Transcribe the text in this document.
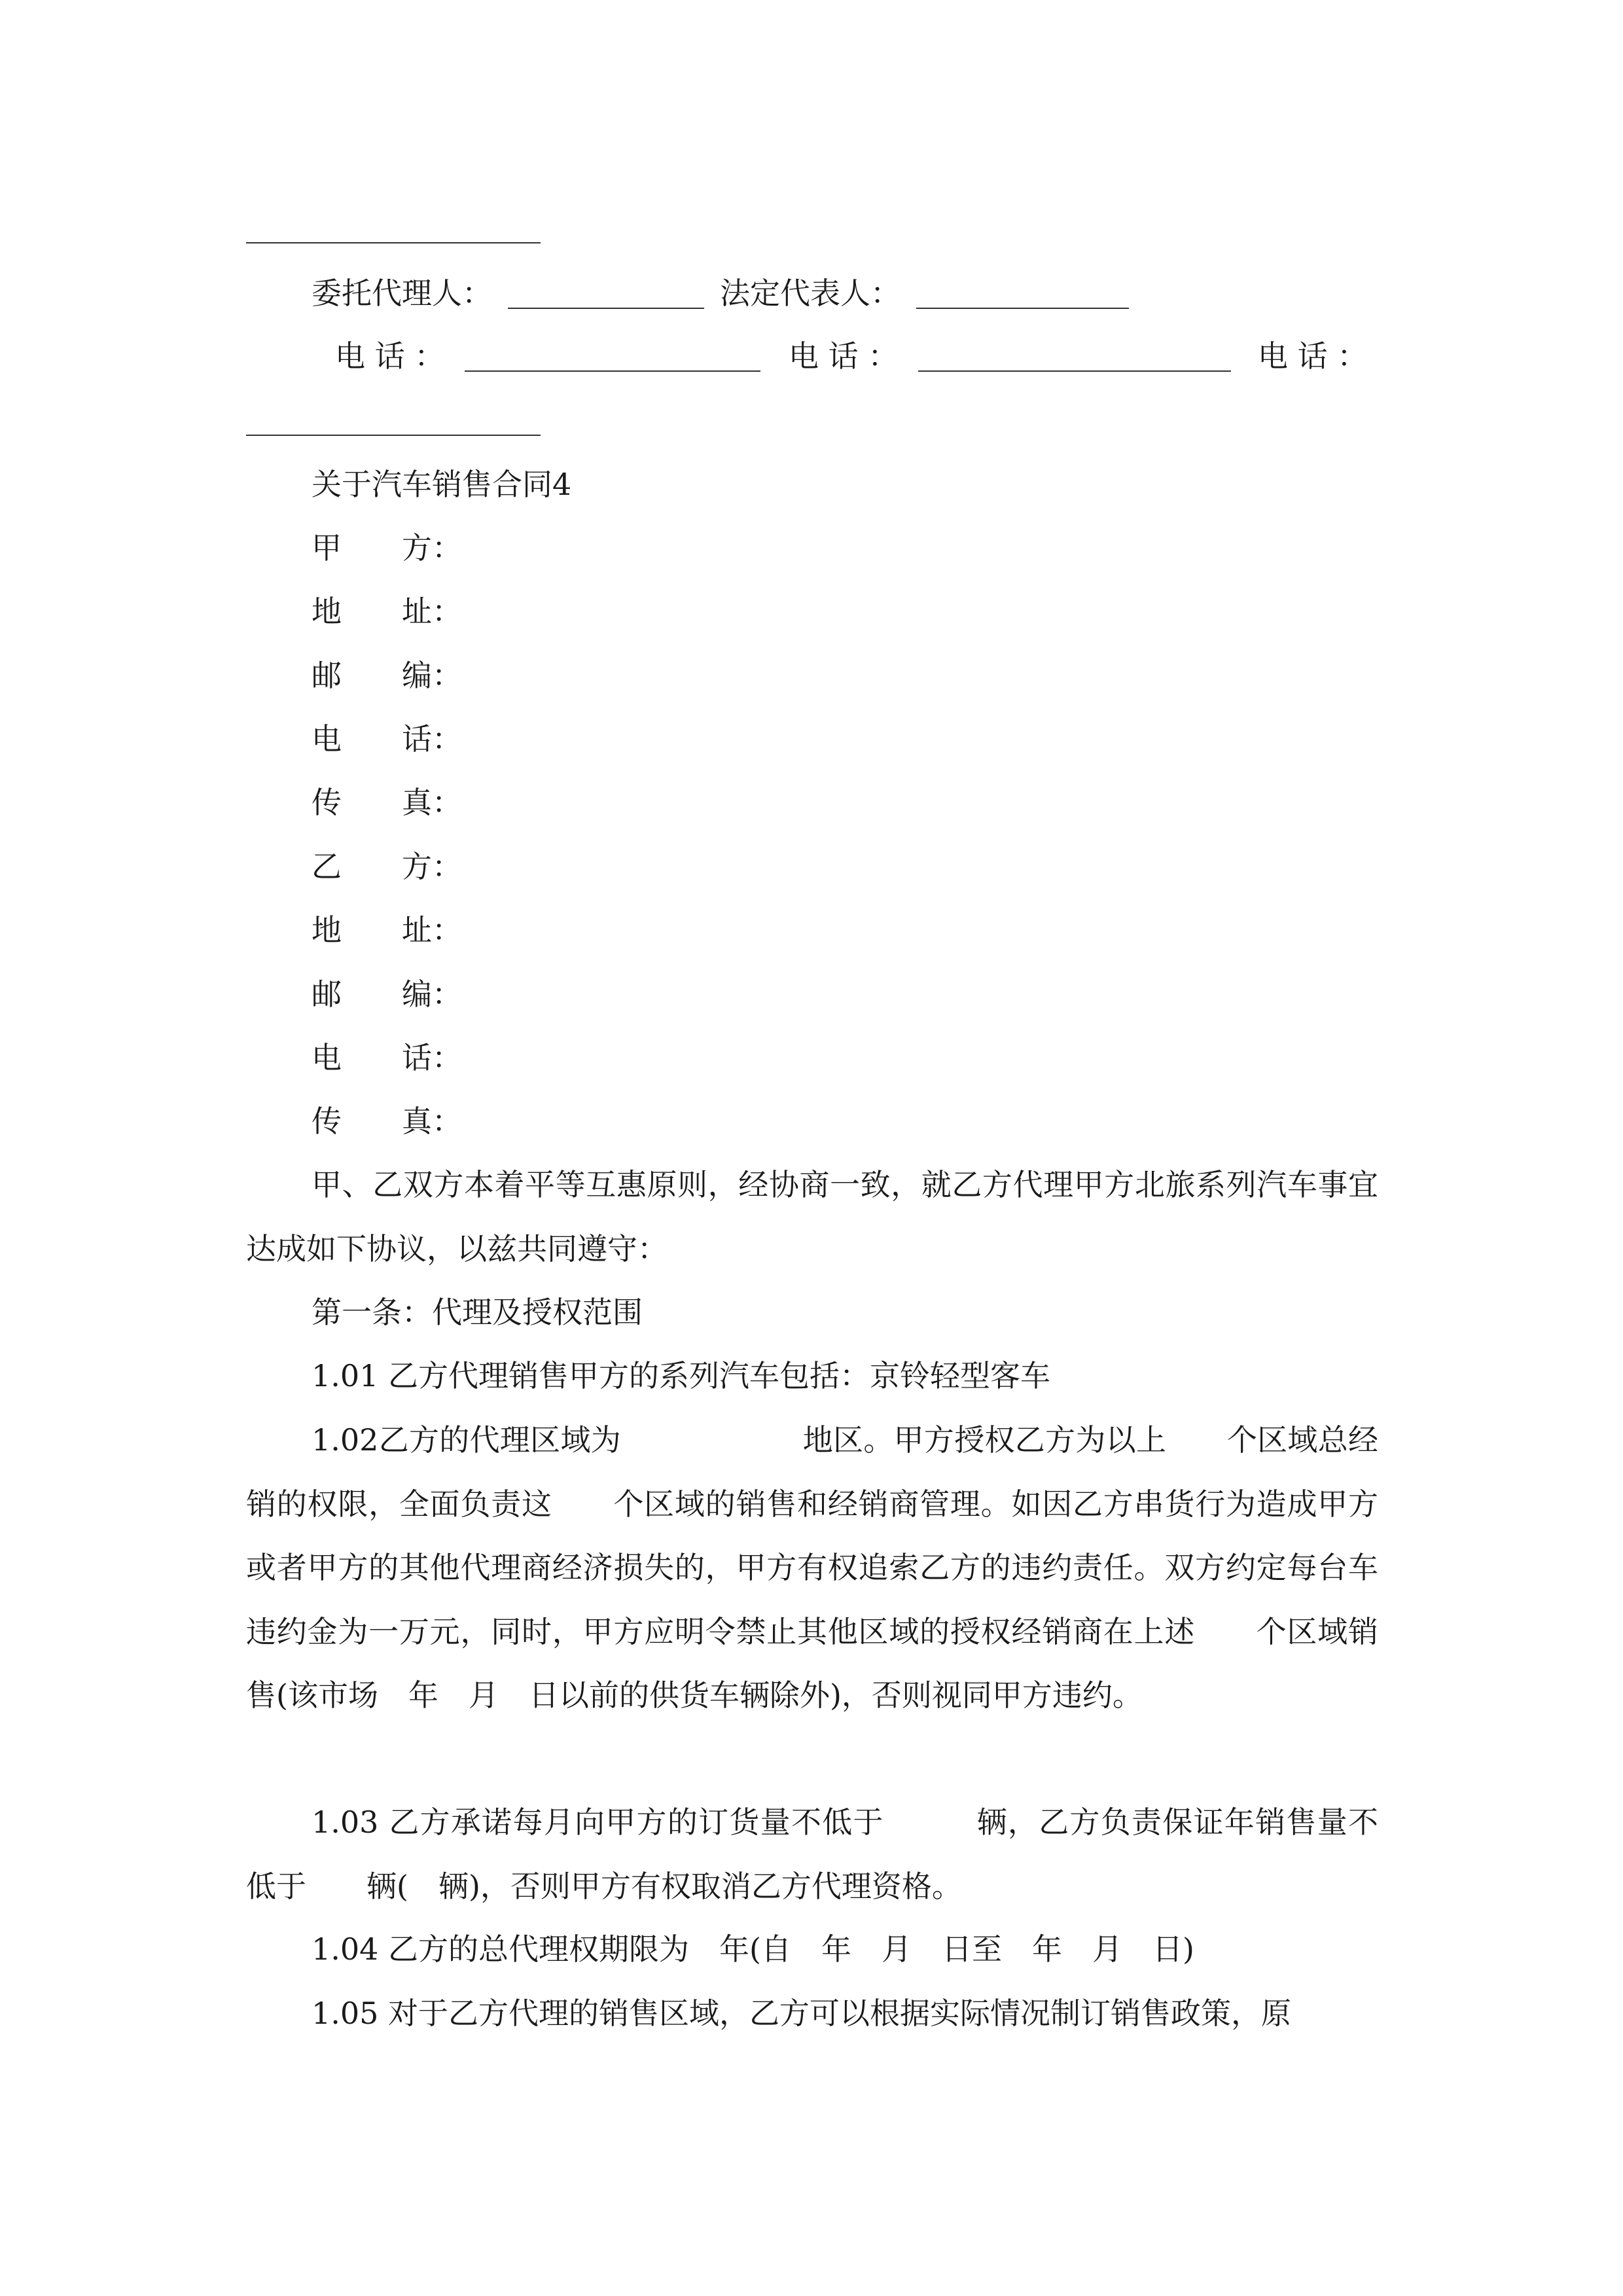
委托代理人：	法定代表人：
电 话 ：	电 话 ：	电 话 ：
关于汽车销售合同4
甲　　方：
地　　址：
邮　　编：
电　　话：
传　　真：
乙　　方：
地　　址：
邮　　编：
电　　话：
传　　真：
甲、乙双方本着平等互惠原则，经协商一致，就乙方代理甲方北旅系列汽车事宜达成如下协议，以兹共同遵守：
第一条：代理及授权范围
1.01 乙方代理销售甲方的系列汽车包括：京铃轻型客车
1.02乙方的代理区域为　　　　　　地区。甲方授权乙方为以上　　个区域总经销的权限，全面负责这　　个区域的销售和经销商管理。如因乙方串货行为造成甲方或者甲方的其他代理商经济损失的，甲方有权追索乙方的违约责任。双方约定每台车违约金为一万元，同时，甲方应明令禁止其他区域的授权经销商在上述　　个区域销售(该市场　年　月　日以前的供货车辆除外)，否则视同甲方违约。
1.03 乙方承诺每月向甲方的订货量不低于　　　辆，乙方负责保证年销售量不低于　　辆(　辆)，否则甲方有权取消乙方代理资格。
1.04 乙方的总代理权期限为　年(自　年　月　日至　年　月　日)
1.05 对于乙方代理的销售区域，乙方可以根据实际情况制订销售政策，原
